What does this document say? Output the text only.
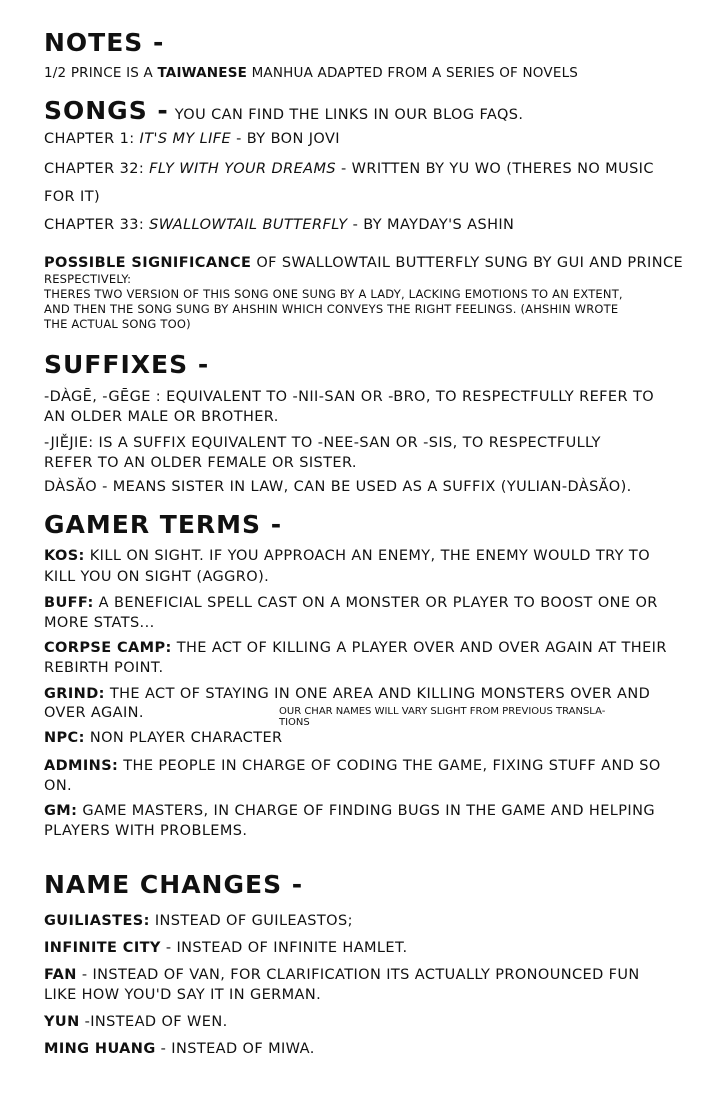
NOTES -
1/2 PRINCE IS A TAIWANESE MANHUA ADAPTED FROM A SERIES OF NOVELS
SONGS - YOU CAN FIND THE LINKS IN OUR BLOG FAQS.
CHAPTER 1: IT'S MY LIFE - BY BON JOVI
CHAPTER 32: FLY WITH YOUR DREAMS - WRITTEN BY YU WO (THERES NO MUSIC
FOR IT)
CHAPTER 33: SWALLOWTAIL BUTTERFLY - BY MAYDAY'S ASHIN
POSSIBLE SIGNIFICANCE OF SWALLOWTAIL BUTTERFLY SUNG BY GUI AND PRINCE
RESPECTIVELY:
THERES TWO VERSION OF THIS SONG ONE SUNG BY A LADY, LACKING EMOTIONS TO AN EXTENT,
AND THEN THE SONG SUNG BY AHSHIN WHICH CONVEYS THE RIGHT FEELINGS. (AHSHIN WROTE
THE ACTUAL SONG TOO)
SUFFIXES -
-DÀGĒ, -GĒGE : EQUIVALENT TO -NII-SAN OR -BRO, TO RESPECTFULLY REFER TO
AN OLDER MALE OR BROTHER.
-JIĚJIE: IS A SUFFIX EQUIVALENT TO -NEE-SAN OR -SIS, TO RESPECTFULLY
REFER TO AN OLDER FEMALE OR SISTER.
DÀSĂO - MEANS SISTER IN LAW, CAN BE USED AS A SUFFIX (YULIAN-DÀSĂO).
GAMER TERMS -
KOS: KILL ON SIGHT. IF YOU APPROACH AN ENEMY, THE ENEMY WOULD TRY TO
KILL YOU ON SIGHT (AGGRO).
BUFF: A BENEFICIAL SPELL CAST ON A MONSTER OR PLAYER TO BOOST ONE OR
MORE STATS...
CORPSE CAMP: THE ACT OF KILLING A PLAYER OVER AND OVER AGAIN AT THEIR
REBIRTH POINT.
GRIND: THE ACT OF STAYING IN ONE AREA AND KILLING MONSTERS OVER AND
OVER AGAIN.	OUR CHAR NAMES WILL VARY SLIGHT FROM PREVIOUS TRANSLA-
TIONS
NPC: NON PLAYER CHARACTER
ADMINS: THE PEOPLE IN CHARGE OF CODING THE GAME, FIXING STUFF AND SO
ON.
GM: GAME MASTERS, IN CHARGE OF FINDING BUGS IN THE GAME AND HELPING
PLAYERS WITH PROBLEMS.
NAME CHANGES -
GUILIASTES: INSTEAD OF GUILEASTOS;
INFINITE CITY - INSTEAD OF INFINITE HAMLET.
FAN - INSTEAD OF VAN, FOR CLARIFICATION ITS ACTUALLY PRONOUNCED FUN
LIKE HOW YOU'D SAY IT IN GERMAN.
YUN -INSTEAD OF WEN.
MING HUANG - INSTEAD OF MIWA.
